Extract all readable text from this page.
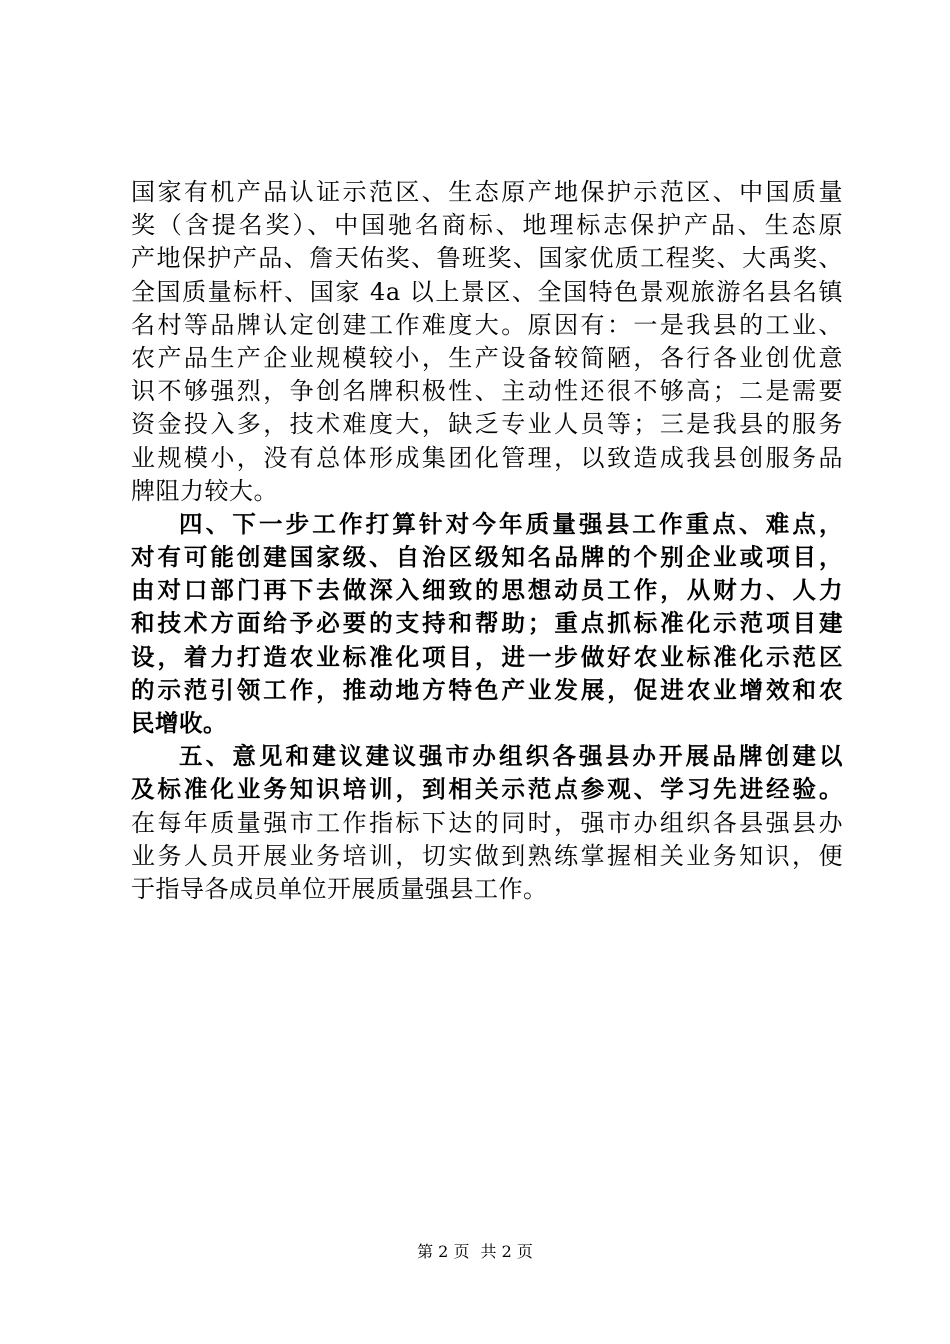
国家有机产品认证示范区、生态原产地保护示范区、中国质量
奖（含提名奖）、中国驰名商标、地理标志保护产品、生态原
产地保护产品、詹天佑奖、鲁班奖、国家优质工程奖、大禹奖、
全国质量标杆、国家 4a 以上景区、全国特色景观旅游名县名镇
名村等品牌认定创建工作难度大。原因有：一是我县的工业、
农产品生产企业规模较小，生产设备较简陋，各行各业创优意
识不够强烈，争创名牌积极性、主动性还很不够高；二是需要
资金投入多，技术难度大，缺乏专业人员等；三是我县的服务
业规模小，没有总体形成集团化管理，以致造成我县创服务品
牌阻力较大。
四、下一步工作打算针对今年质量强县工作重点、难点，
对有可能创建国家级、自治区级知名品牌的个别企业或项目，
由对口部门再下去做深入细致的思想动员工作，从财力、人力
和技术方面给予必要的支持和帮助；重点抓标准化示范项目建
设，着力打造农业标准化项目，进一步做好农业标准化示范区
的示范引领工作，推动地方特色产业发展，促进农业增效和农
民增收。
五、意见和建议建议强市办组织各强县办开展品牌创建以
及标准化业务知识培训，到相关示范点参观、学习先进经验。
在每年质量强市工作指标下达的同时，强市办组织各县强县办
业务人员开展业务培训，切实做到熟练掌握相关业务知识，便
于指导各成员单位开展质量强县工作。
第 2 页 共 2 页
